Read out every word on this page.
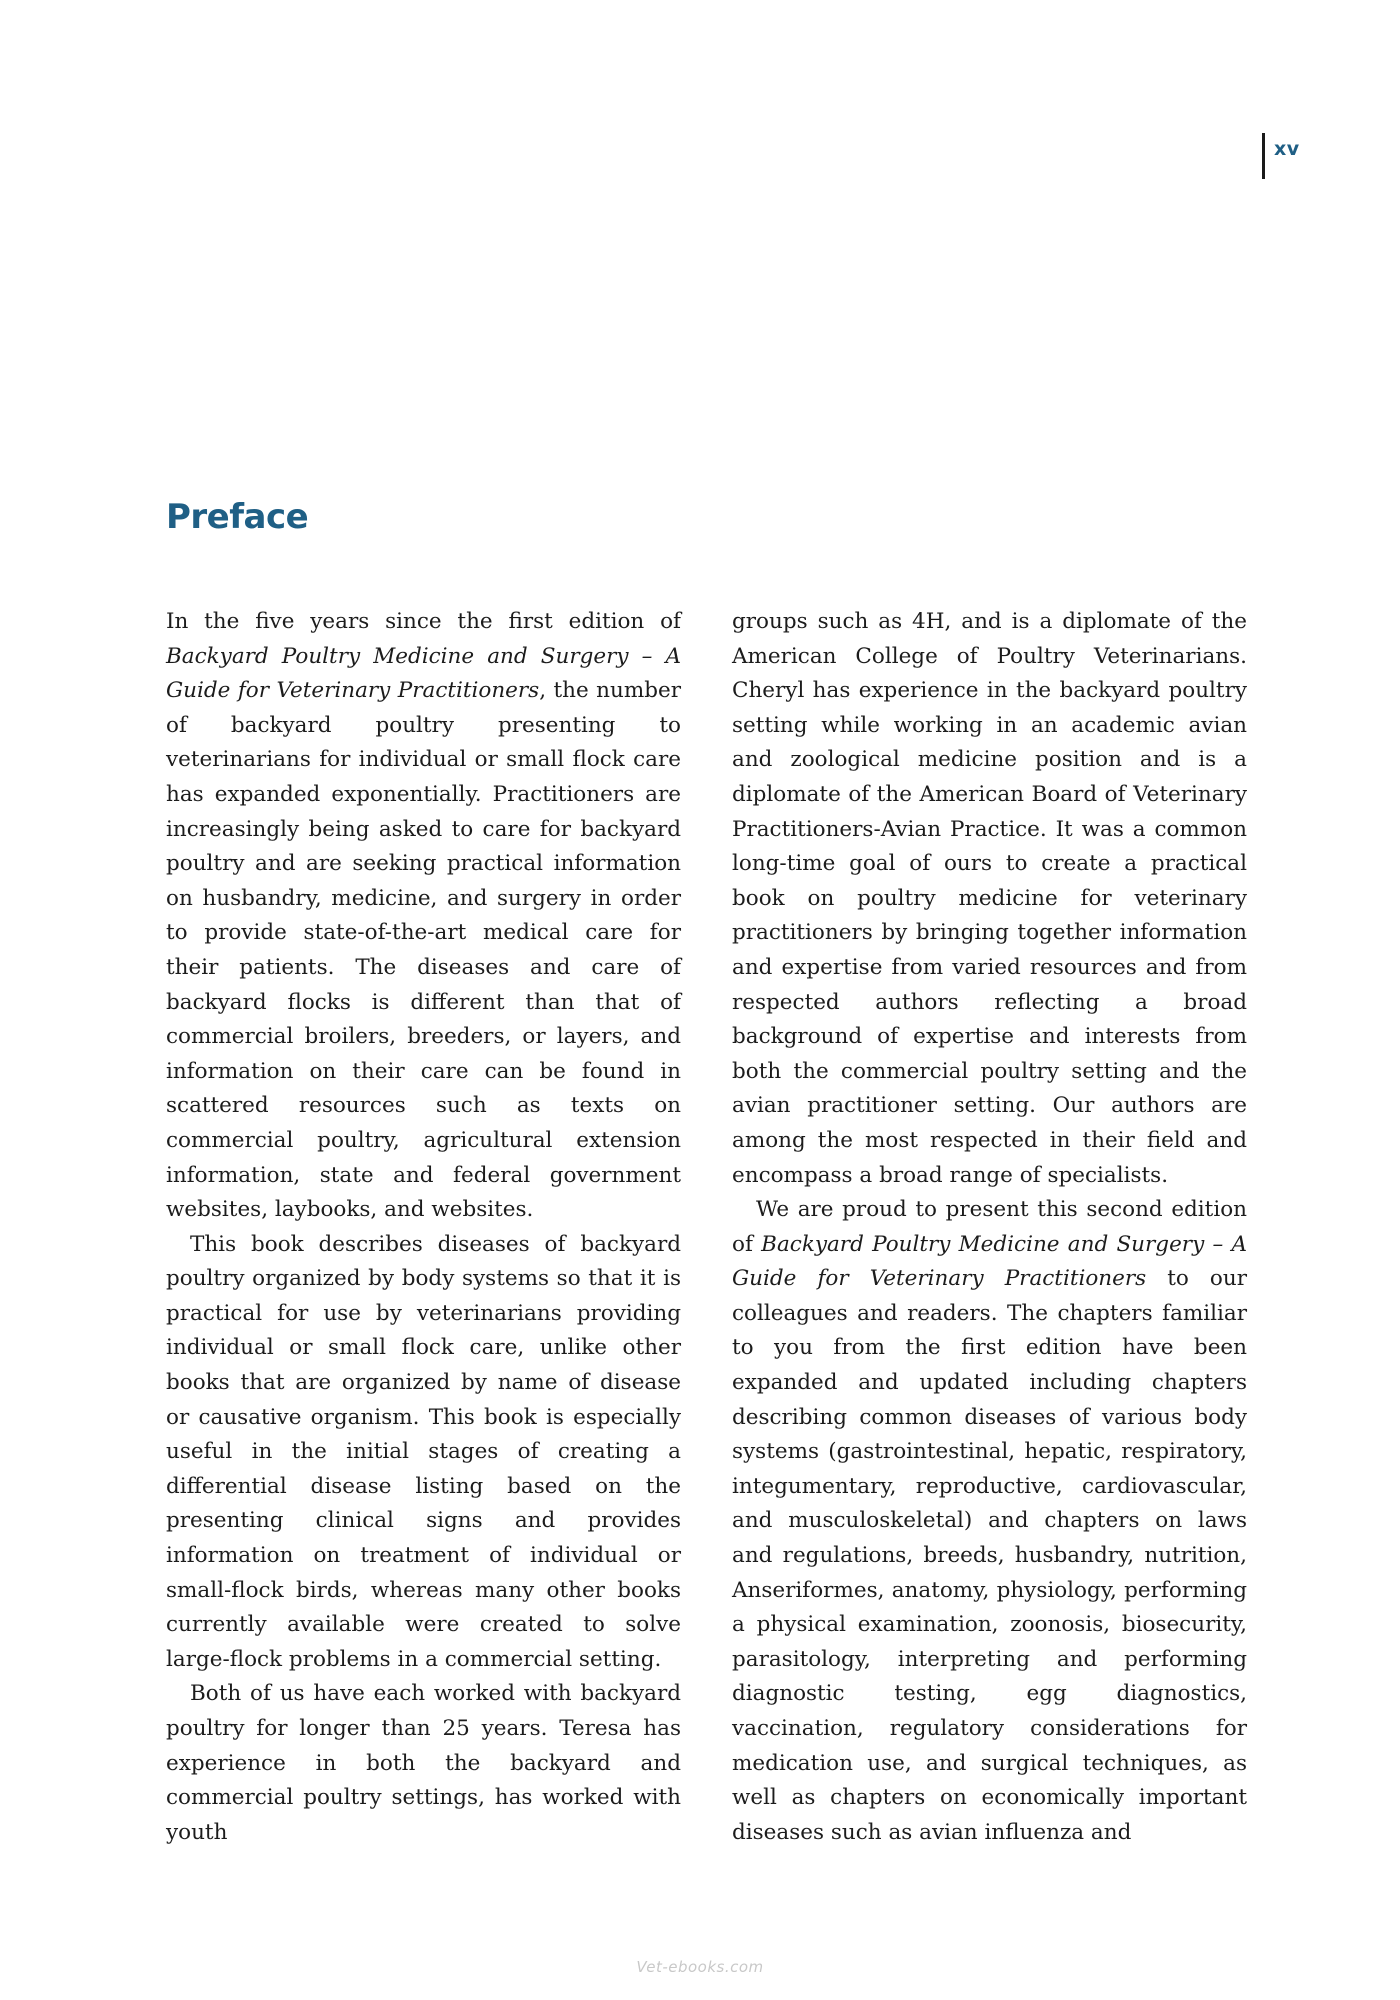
xv
Preface

In the five years since the first edition of Backyard Poultry Medicine and Surgery – A Guide for Veterinary Practitioners, the number of backyard poultry presenting to veterinarians for individual or small flock care has expanded exponentially. Practitioners are increasingly being asked to care for backyard poultry and are seeking practical information on husbandry, medicine, and surgery in order to provide state-of-the-art medical care for their patients. The diseases and care of backyard flocks is different than that of commercial broilers, breeders, or layers, and information on their care can be found in scattered resources such as texts on commercial poultry, agricultural extension information, state and federal government websites, laybooks, and websites.

This book describes diseases of backyard poultry organized by body systems so that it is practical for use by veterinarians providing individual or small flock care, unlike other books that are organized by name of disease or causative organism. This book is especially useful in the initial stages of creating a differential disease listing based on the presenting clinical signs and provides information on treatment of individual or small-flock birds, whereas many other books currently available were created to solve large-flock problems in a commercial setting.

Both of us have each worked with backyard poultry for longer than 25 years. Teresa has experience in both the backyard and commercial poultry settings, has worked with youth

groups such as 4H, and is a diplomate of the American College of Poultry Veterinarians. Cheryl has experience in the backyard poultry setting while working in an academic avian and zoological medicine position and is a diplomate of the American Board of Veterinary Practitioners-Avian Practice. It was a common long-time goal of ours to create a practical book on poultry medicine for veterinary practitioners by bringing together information and expertise from varied resources and from respected authors reflecting a broad background of expertise and interests from both the commercial poultry setting and the avian practitioner setting. Our authors are among the most respected in their field and encompass a broad range of specialists.

We are proud to present this second edition of Backyard Poultry Medicine and Surgery – A Guide for Veterinary Practitioners to our colleagues and readers. The chapters familiar to you from the first edition have been expanded and updated including chapters describing common diseases of various body systems (gastrointestinal, hepatic, respiratory, integumentary, reproductive, cardiovascular, and musculoskeletal) and chapters on laws and regulations, breeds, husbandry, nutrition, Anseriformes, anatomy, physiology, performing a physical examination, zoonosis, biosecurity, parasitology, interpreting and performing diagnostic testing, egg diagnostics, vaccination, regulatory considerations for medication use, and surgical techniques, as well as chapters on economically important diseases such as avian influenza and

Vet-ebooks.com
